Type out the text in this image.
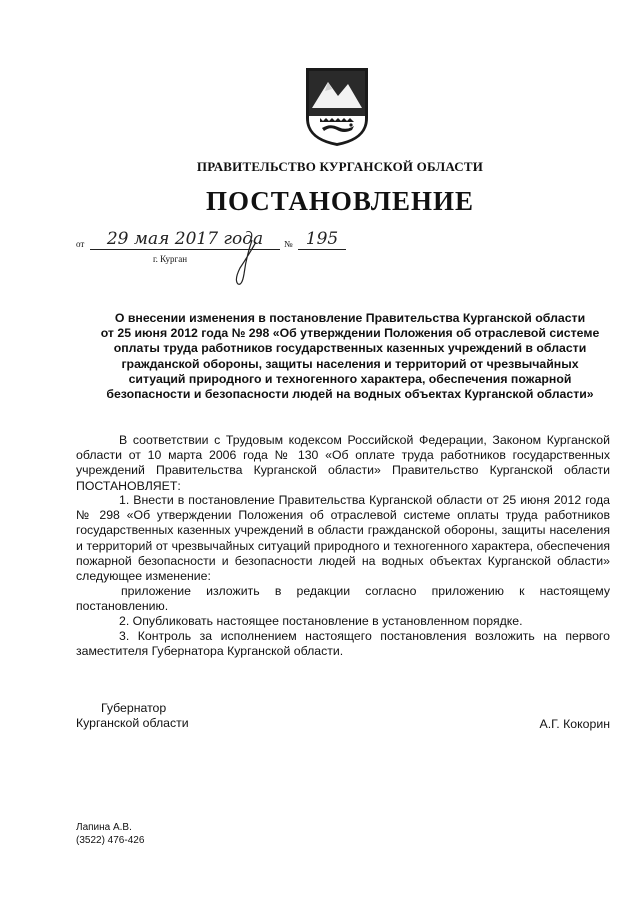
ПРАВИТЕЛЬСТВО КУРГАНСКОЙ ОБЛАСТИ
ПОСТАНОВЛЕНИЕ
от	29 мая 2017 года	№ 195
г. Курган
О внесении изменения в постановление Правительства Курганской области
от 25 июня 2012 года № 298 «Об утверждении Положения об отраслевой системе
оплаты труда работников государственных казенных учреждений в области
гражданской обороны, защиты населения и территорий от чрезвычайных
ситуаций природного и техногенного характера, обеспечения пожарной
безопасности и безопасности людей на водных объектах Курганской области»
В соответствии с Трудовым кодексом Российской Федерации, Законом Курганской области от 10 марта 2006 года № 130 «Об оплате труда работников государственных учреждений Правительства Курганской области» Правительство Курганской области ПОСТАНОВЛЯЕТ:
1. Внести в постановление Правительства Курганской области от 25 июня 2012 года № 298 «Об утверждении Положения об отраслевой системе оплаты труда работников государственных казенных учреждений в области гражданской обороны, защиты населения и территорий от чрезвычайных ситуаций природного и техногенного характера, обеспечения пожарной безопасности и безопасности людей на водных объектах Курганской области» следующее изменение:
приложение изложить в редакции согласно приложению к настоящему постановлению.
2. Опубликовать настоящее постановление в установленном порядке.
3. Контроль за исполнением настоящего постановления возложить на первого заместителя Губернатора Курганской области.
Губернатор
Курганской области	А.Г. Кокорин
Лапина А.В.
(3522) 476-426
